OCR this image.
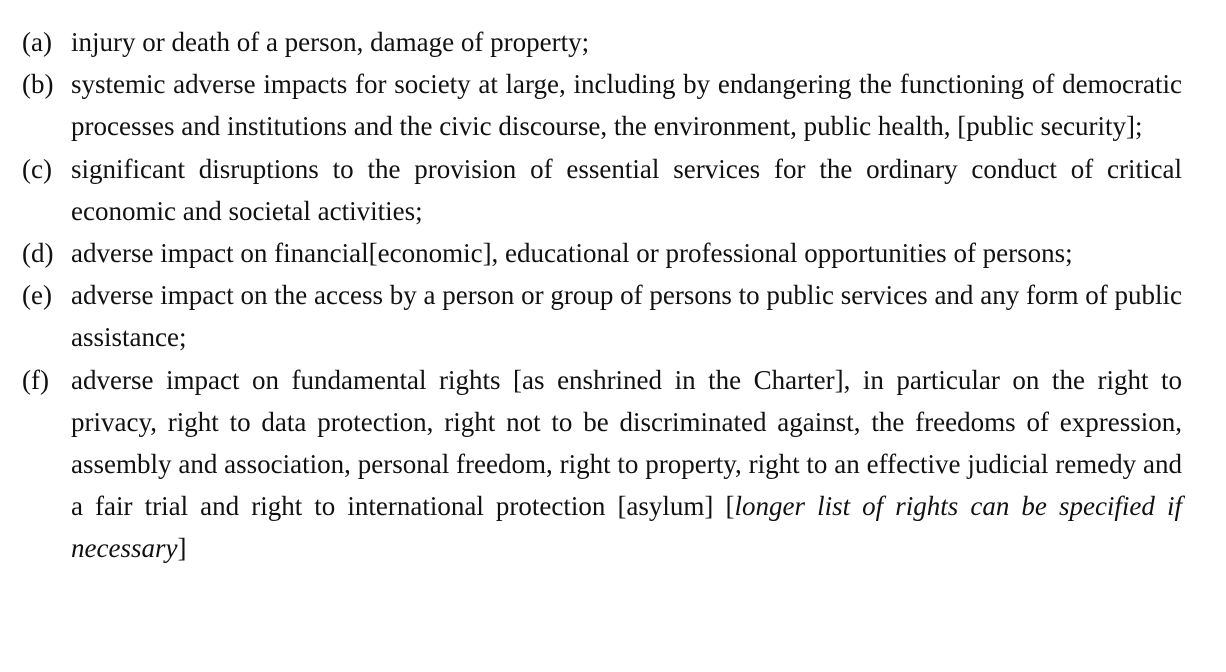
(a) injury or death of a person, damage of property;

(b) systemic adverse impacts for society at large, including by endangering the functioning of democratic processes and institutions and the civic discourse, the environment, public health, [public security];

(c) significant disruptions to the provision of essential services for the ordinary conduct of critical economic and societal activities;

(d) adverse impact on financial[economic], educational or professional opportunities of persons;

(e) adverse impact on the access by a person or group of persons to public services and any form of public assistance;

(f) adverse impact on fundamental rights [as enshrined in the Charter], in particular on the right to privacy, right to data protection, right not to be discriminated against, the freedoms of expression, assembly and association, personal freedom, right to property, right to an effective judicial remedy and a fair trial and right to international protection [asylum] [longer list of rights can be specified if necessary]
